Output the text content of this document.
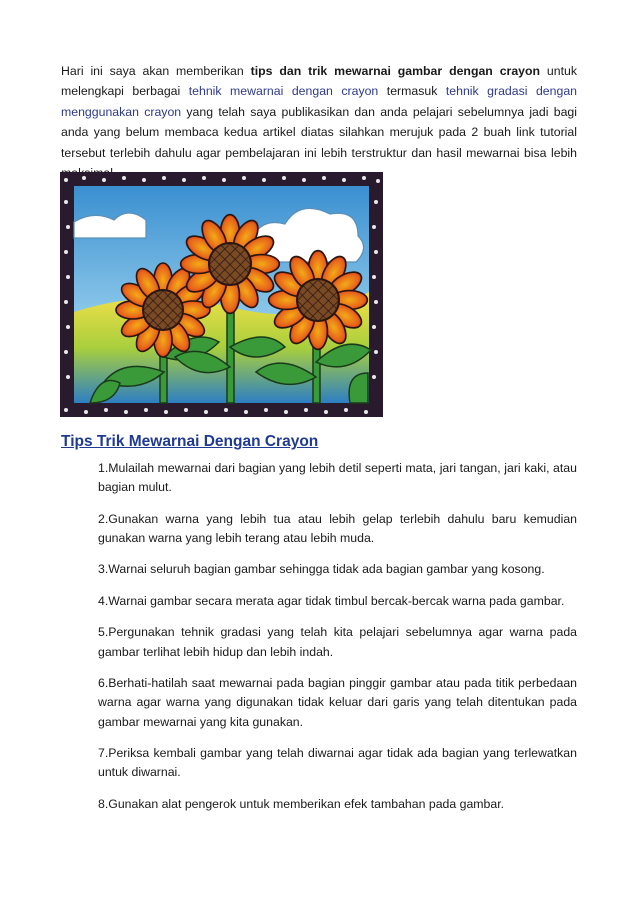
Hari ini saya akan memberikan tips dan trik mewarnai gambar dengan crayon untuk melengkapi berbagai tehnik mewarnai dengan crayon termasuk tehnik gradasi dengan menggunakan crayon yang telah saya publikasikan dan anda pelajari sebelumnya jadi bagi anda yang belum membaca kedua artikel diatas silahkan merujuk pada 2 buah link tutorial tersebut terlebih dahulu agar pembelajaran ini lebih terstruktur dan hasil mewarnai bisa lebih

Tips Trik Mewarnai Dengan Crayon
1.Mulailah mewarnai dari bagian yang lebih detil seperti mata, jari tangan, jari kaki, atau bagian mulut.
2.Gunakan warna yang lebih tua atau lebih gelap terlebih dahulu baru kemudian gunakan warna yang lebih terang atau lebih muda.
3.Warnai seluruh bagian gambar sehingga tidak ada bagian gambar yang kosong.
4.Warnai gambar secara merata agar tidak timbul bercak-bercak warna pada gambar.
5.Pergunakan tehnik gradasi yang telah kita pelajari sebelumnya agar warna pada gambar terlihat lebih hidup dan lebih indah.
6.Berhati-hatilah saat mewarnai pada bagian pinggir gambar atau pada titik perbedaan warna agar warna yang digunakan tidak keluar dari garis yang telah ditentukan pada gambar mewarnai yang kita gunakan.
7.Periksa kembali gambar yang telah diwarnai agar tidak ada bagian yang terlewatkan untuk diwarnai.
8.Gunakan alat pengerok untuk memberikan efek tambahan pada gambar.
